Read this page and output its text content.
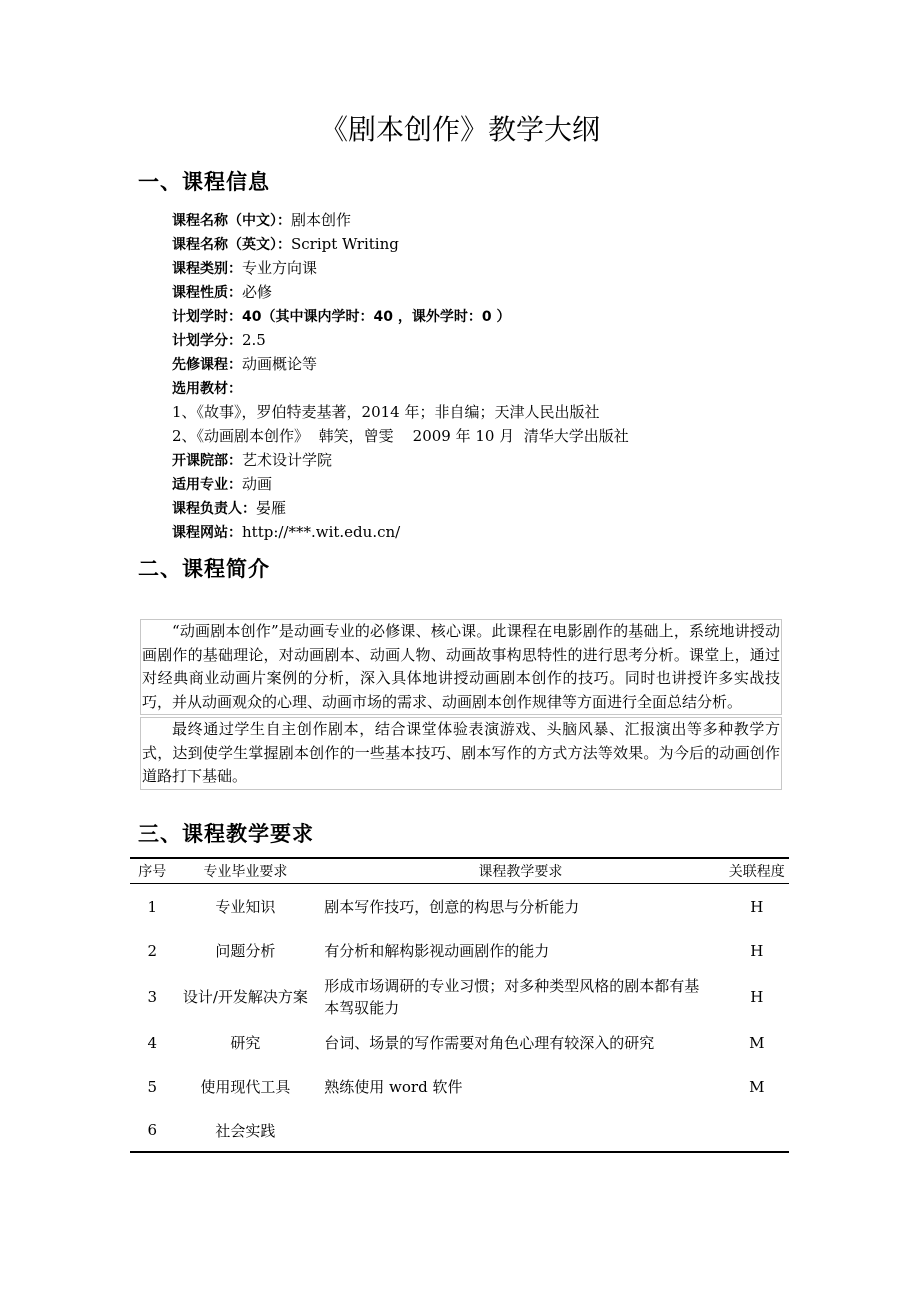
《剧本创作》教学大纲
一、课程信息
课程名称（中文）：剧本创作
课程名称（英文）：Script Writing
课程类别：专业方向课
课程性质：必修
计划学时：40（其中课内学时：40 ，课外学时：0 ）
计划学分：2.5
先修课程：动画概论等
选用教材：
1、《故事》，罗伯特麦基著，2014 年；非自编；天津人民出版社
2、《动画剧本创作》  韩笑，曾雯    2009 年 10 月  清华大学出版社
开课院部：艺术设计学院
适用专业：动画
课程负责人：晏雁
课程网站：http://***.wit.edu.cn/
二、课程简介
“动画剧本创作”是动画专业的必修课、核心课。此课程在电影剧作的基础上，系统地讲授动画剧作的基础理论，对动画剧本、动画人物、动画故事构思特性的进行思考分析。课堂上，通过对经典商业动画片案例的分析，深入具体地讲授动画剧本创作的技巧。同时也讲授许多实战技巧，并从动画观众的心理、动画市场的需求、动画剧本创作规律等方面进行全面总结分析。
最终通过学生自主创作剧本，结合课堂体验表演游戏、头脑风暴、汇报演出等多种教学方式，达到使学生掌握剧本创作的一些基本技巧、剧本写作的方式方法等效果。为今后的动画创作道路打下基础。
三、课程教学要求
序号	专业毕业要求	课程教学要求	关联程度
1	专业知识	剧本写作技巧，创意的构思与分析能力	H
2	问题分析	有分析和解构影视动画剧作的能力	H
3	设计/开发解决方案	形成市场调研的专业习惯；对多种类型风格的剧本都有基本驾驭能力	H
4	研究	台词、场景的写作需要对角色心理有较深入的研究	M
5	使用现代工具	熟练使用 word 软件	M
6	社会实践		
